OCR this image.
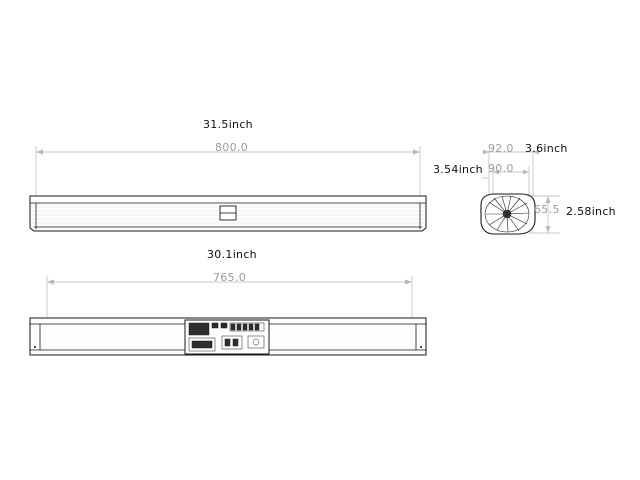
31.5inch
800.0
3.54inch
92.0
90.0
3.6inch
65.5 2.58inch
30.1inch
765.0
